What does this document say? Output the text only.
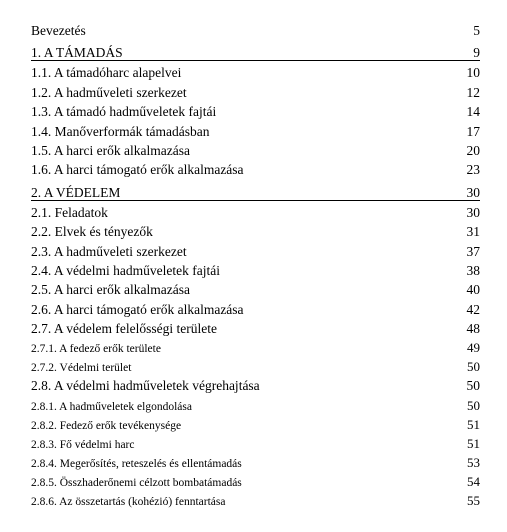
Bevezetés	5
1. A TÁMADÁS	9
1.1. A támadóharc alapelvei	10
1.2. A hadműveleti szerkezet	12
1.3. A támadó hadműveletek fajtái	14
1.4. Manőverformák támadásban	17
1.5. A harci erők alkalmazása	20
1.6. A harci támogató erők alkalmazása	23
2. A VÉDELEM	30
2.1. Feladatok	30
2.2. Elvek és tényezők	31
2.3. A hadműveleti szerkezet	37
2.4. A védelmi hadműveletek fajtái	38
2.5. A harci erők alkalmazása	40
2.6. A harci támogató erők alkalmazása	42
2.7. A védelem felelősségi területe	48
2.7.1. A fedező erők területe	49
2.7.2. Védelmi terület	50
2.8. A védelmi hadműveletek végrehajtása	50
2.8.1. A hadműveletek elgondolása	50
2.8.2. Fedező erők tevékenysége	51
2.8.3. Fő védelmi harc	51
2.8.4. Megerősítés, reteszelés és ellentámadás	53
2.8.5. Összhaderőnemi célzott bombatámadás	54
2.8.6. Az összetartás (kohézió) fenntartása	55
